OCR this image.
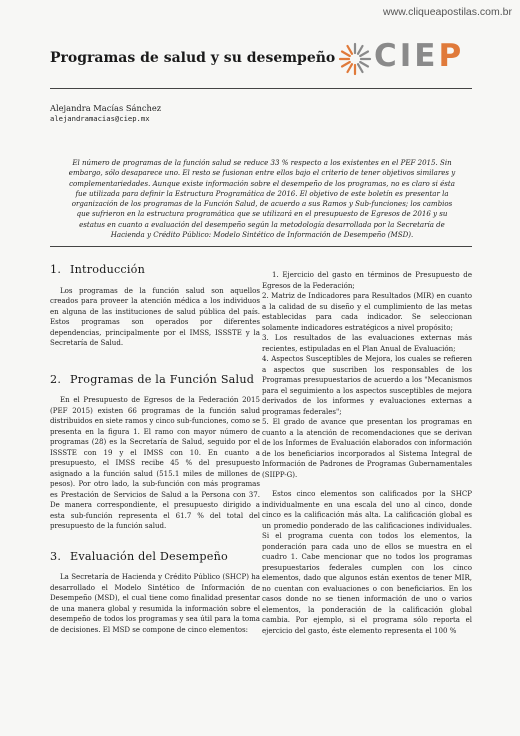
www.cliqueapostilas.com.br
Programas de salud y su desempeño CIEP
Alejandra Macías Sánchez
alejandramacias@ciep.mx
El número de programas de la función salud se reduce 33 % respecto a los existentes en el PEF 2015. Sin embargo, sólo desaparece uno. El resto se fusionan entre ellos bajo el criterio de tener objetivos similares y complementariedades. Aunque existe información sobre el desempeño de los programas, no es claro si ésta fue utilizada para definir la Estructura Programática de 2016. El objetivo de este boletín es presentar la organización de los programas de la Función Salud, de acuerdo a sus Ramos y Sub-funciones; los cambios que sufrieron en la estructura programática que se utilizará en el presupuesto de Egresos de 2016 y su estatus en cuanto a evaluación del desempeño según la metodología desarrollada por la Secretaría de Hacienda y Crédito Público: Modelo Sintético de Información de Desempeño (MSD).
1. Introducción

Los programas de la función salud son aquellos creados para proveer la atención médica a los individuos en alguna de las instituciones de salud pública del país. Estos programas son operados por diferentes dependencias, principalmente por el IMSS, ISSSTE y la Secretaría de Salud.

2. Programas de la Función Salud

En el Presupuesto de Egresos de la Federación 2015 (PEF 2015) existen 66 programas de la función salud distribuidos en siete ramos y cinco sub-funciones, como se presenta en la figura 1. El ramo con mayor número de programas (28) es la Secretaría de Salud, seguido por el ISSSTE con 19 y el IMSS con 10. En cuanto a presupuesto, el IMSS recibe 45 % del presupuesto asignado a la función salud (515.1 miles de millones de pesos). Por otro lado, la sub-función con más programas es Prestación de Servicios de Salud a la Persona con 37. De manera correspondiente, el presupuesto dirigido a esta sub-función representa el 61.7 % del total del presupuesto de la función salud.

3. Evaluación del Desempeño

La Secretaría de Hacienda y Crédito Público (SHCP) ha desarrollado el Modelo Sintético de Información de Desempeño (MSD), el cual tiene como finalidad presentar de una manera global y resumida la información sobre el desempeño de todos los programas y sea útil para la toma de decisiones. El MSD se compone de cinco elementos:

1. Ejercicio del gasto en términos de Presupuesto de Egresos de la Federación;

2. Matriz de Indicadores para Resultados (MIR) en cuanto a la calidad de su diseño y el cumplimiento de las metas establecidas para cada indicador. Se seleccionan solamente indicadores estratégicos a nivel propósito;

3. Los resultados de las evaluaciones externas más recientes, estipuladas en el Plan Anual de Evaluación;

4. Aspectos Susceptibles de Mejora, los cuales se refieren a aspectos que suscriben los responsables de los Programas presupuestarios de acuerdo a los "Mecanismos para el seguimiento a los aspectos susceptibles de mejora derivados de los informes y evaluaciones externas a programas federales";

5. El grado de avance que presentan los programas en cuanto a la atención de recomendaciones que se derivan de los Informes de Evaluación elaborados con información de los beneficiarios incorporados al Sistema Integral de Información de Padrones de Programas Gubernamentales (SIIPP-G).

Estos cinco elementos son calificados por la SHCP individualmente en una escala del uno al cinco, donde cinco es la calificación más alta. La calificación global es un promedio ponderado de las calificaciones individuales. Si el programa cuenta con todos los elementos, la ponderación para cada uno de ellos se muestra en el cuadro 1. Cabe mencionar que no todos los programas presupuestarios federales cumplen con los cinco elementos, dado que algunos están exentos de tener MIR, no cuentan con evaluaciones o con beneficiarios. En los casos donde no se tienen información de uno o varios elementos, la ponderación de la calificación global cambia. Por ejemplo, si el programa sólo reporta el ejercicio del gasto, éste elemento representa el 100 %
